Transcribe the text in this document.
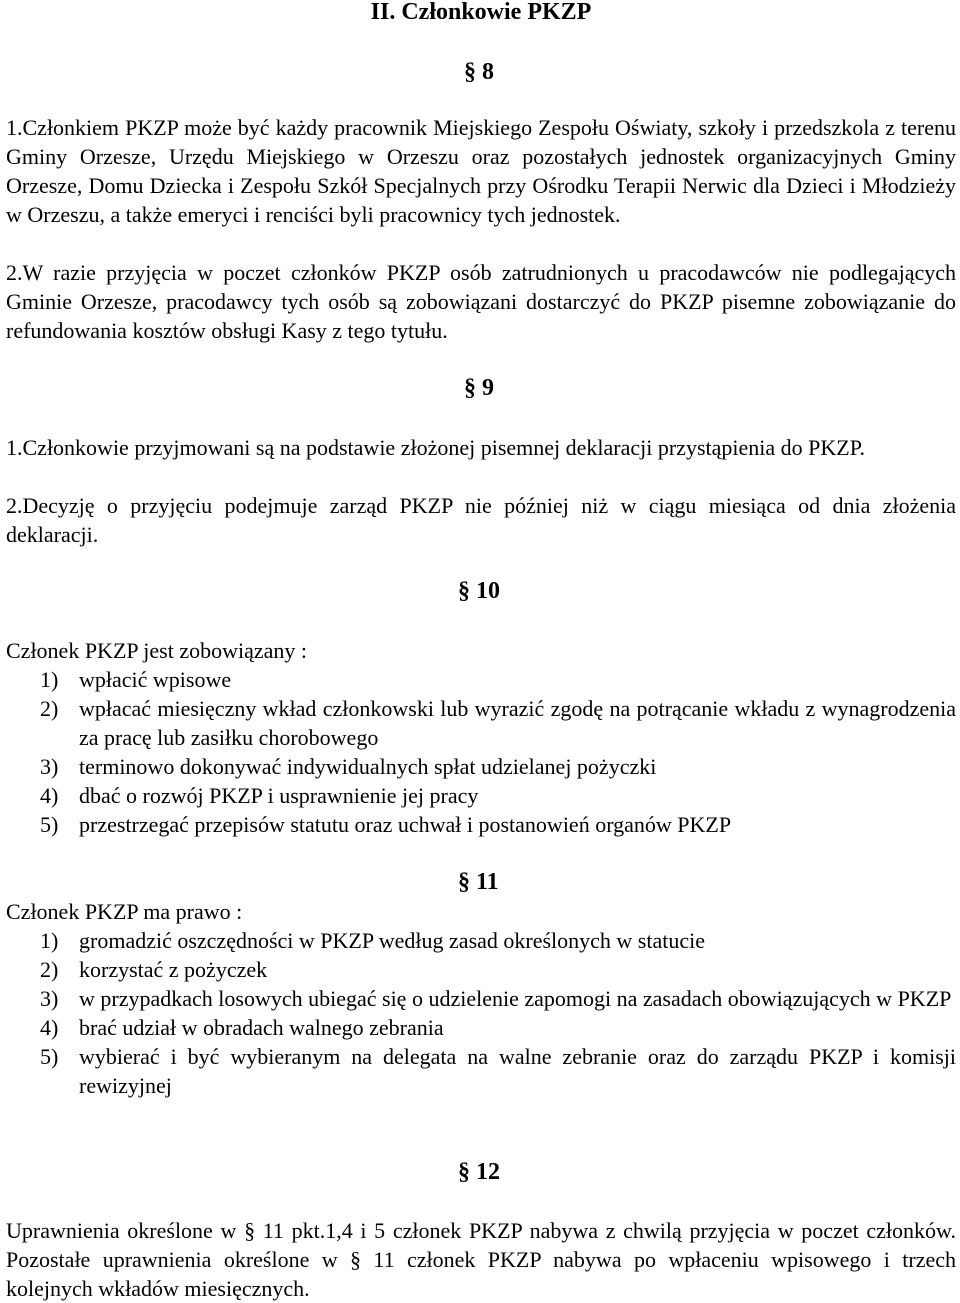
II. Członkowie PKZP
§ 8
1.Członkiem PKZP może być każdy pracownik Miejskiego Zespołu Oświaty, szkoły i przedszkola z terenu Gminy Orzesze, Urzędu Miejskiego w Orzeszu oraz pozostałych jednostek organizacyjnych Gminy Orzesze, Domu Dziecka i Zespołu Szkół Specjalnych przy Ośrodku Terapii Nerwic dla Dzieci i Młodzieży w Orzeszu, a także emeryci i renciści byli pracownicy tych jednostek.
2.W razie przyjęcia w poczet członków PKZP osób zatrudnionych u pracodawców nie podlegających Gminie Orzesze, pracodawcy tych osób są zobowiązani dostarczyć do PKZP pisemne zobowiązanie do refundowania kosztów obsługi Kasy z tego tytułu.
§ 9
1.Członkowie przyjmowani są na podstawie złożonej pisemnej deklaracji przystąpienia do PKZP.
2.Decyzję o przyjęciu podejmuje zarząd PKZP nie później niż w ciągu miesiąca od dnia złożenia deklaracji.
§ 10
Członek PKZP jest zobowiązany :
1) wpłacić wpisowe
2) wpłacać miesięczny wkład członkowski lub wyrazić zgodę na potrącanie wkładu z wynagrodzenia za pracę lub zasiłku chorobowego
3) terminowo dokonywać indywidualnych spłat udzielanej pożyczki
4) dbać o rozwój PKZP i usprawnienie jej pracy
5) przestrzegać przepisów statutu oraz uchwał i postanowień organów PKZP
§ 11
Członek PKZP ma prawo :
1) gromadzić oszczędności w PKZP według zasad określonych w statucie
2) korzystać z pożyczek
3) w przypadkach losowych ubiegać się o udzielenie zapomogi na zasadach obowiązujących w PKZP
4) brać udział w obradach walnego zebrania
5) wybierać i być wybieranym na delegata na walne zebranie oraz do zarządu PKZP i komisji rewizyjnej
§ 12
Uprawnienia określone w § 11 pkt.1,4 i 5 członek PKZP nabywa z chwilą przyjęcia w poczet członków. Pozostałe uprawnienia określone w § 11 członek PKZP nabywa po wpłaceniu wpisowego i trzech kolejnych wkładów miesięcznych.
